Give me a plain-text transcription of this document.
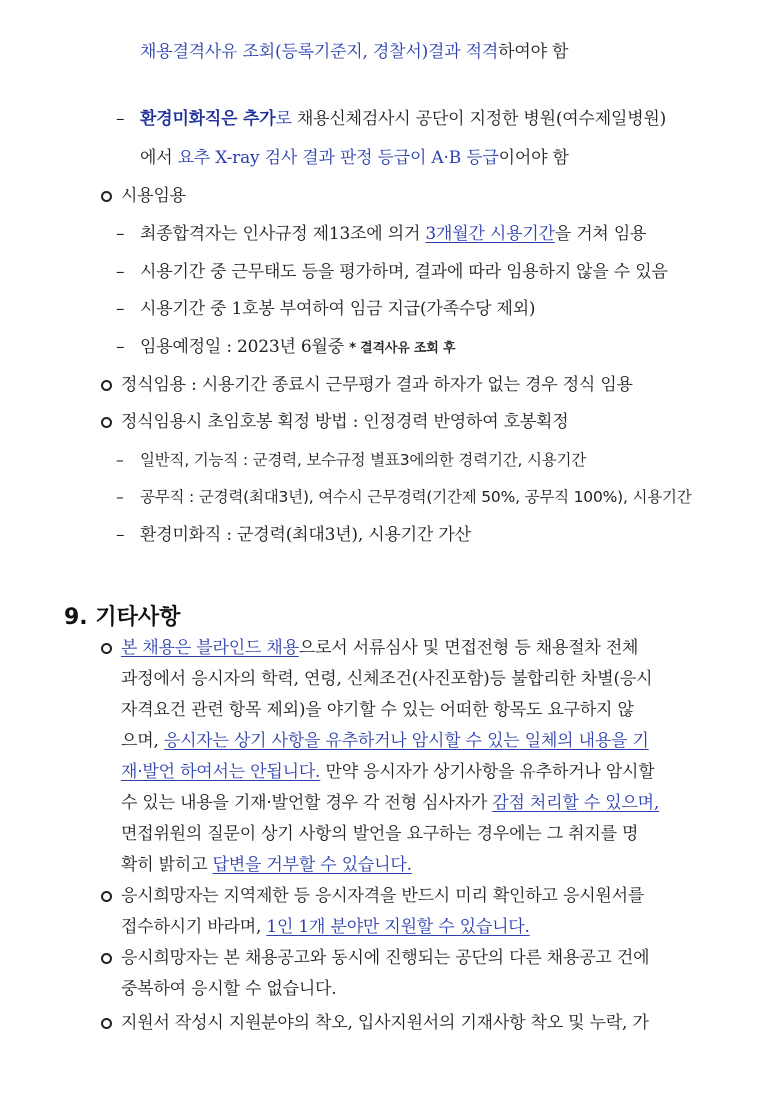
채용결격사유 조회(등록기준지, 경찰서)결과 적격하여야 함
– 환경미화직은 추가로 채용신체검사시 공단이 지정한 병원(여수제일병원)
에서 요추 X-ray 검사 결과 판정 등급이 A·B 등급이어야 함
시용임용
– 최종합격자는 인사규정 제13조에 의거 3개월간 시용기간을 거쳐 임용
– 시용기간 중 근무태도 등을 평가하며, 결과에 따라 임용하지 않을 수 있음
– 시용기간 중 1호봉 부여하여 임금 지급(가족수당 제외)
– 임용예정일 : 2023년 6월중 * 결격사유 조회 후
정식임용 : 시용기간 종료시 근무평가 결과 하자가 없는 경우 정식 임용
정식임용시 초임호봉 획정 방법 : 인정경력 반영하여 호봉획정
– 일반직, 기능직 : 군경력, 보수규정 별표3에의한 경력기간, 시용기간
– 공무직 : 군경력(최대3년), 여수시 근무경력(기간제 50%, 공무직 100%), 시용기간
– 환경미화직 : 군경력(최대3년), 시용기간 가산
9. 기타사항
본 채용은 블라인드 채용으로서 서류심사 및 면접전형 등 채용절차 전체
과정에서 응시자의 학력, 연령, 신체조건(사진포함)등 불합리한 차별(응시
자격요건 관련 항목 제외)을 야기할 수 있는 어떠한 항목도 요구하지 않
으며, 응시자는 상기 사항을 유추하거나 암시할 수 있는 일체의 내용을 기
재·발언 하여서는 안됩니다. 만약 응시자가 상기사항을 유추하거나 암시할
수 있는 내용을 기재·발언할 경우 각 전형 심사자가 감점 처리할 수 있으며,
면접위원의 질문이 상기 사항의 발언을 요구하는 경우에는 그 취지를 명
확히 밝히고 답변을 거부할 수 있습니다.
응시희망자는 지역제한 등 응시자격을 반드시 미리 확인하고 응시원서를
접수하시기 바라며, 1인 1개 분야만 지원할 수 있습니다.
응시희망자는 본 채용공고와 동시에 진행되는 공단의 다른 채용공고 건에
중복하여 응시할 수 없습니다.
지원서 작성시 지원분야의 착오, 입사지원서의 기재사항 착오 및 누락, 가
